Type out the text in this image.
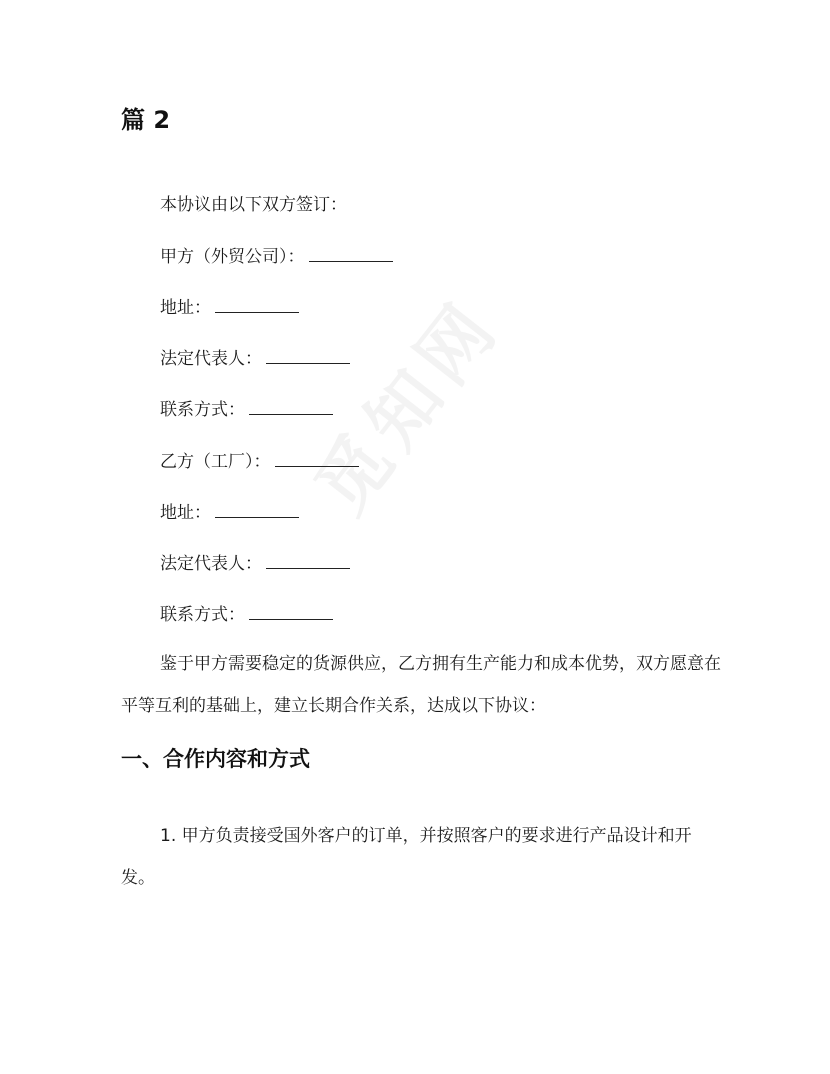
篇 2

本协议由以下双方签订：

甲方（外贸公司）：

地址：

法定代表人：

联系方式：

乙方（工厂）：

地址：

法定代表人：

联系方式：

鉴于甲方需要稳定的货源供应，乙方拥有生产能力和成本优势，双方愿意在平等互利的基础上，建立长期合作关系，达成以下协议：

一、合作内容和方式

1. 甲方负责接受国外客户的订单，并按照客户的要求进行产品设计和开发。
